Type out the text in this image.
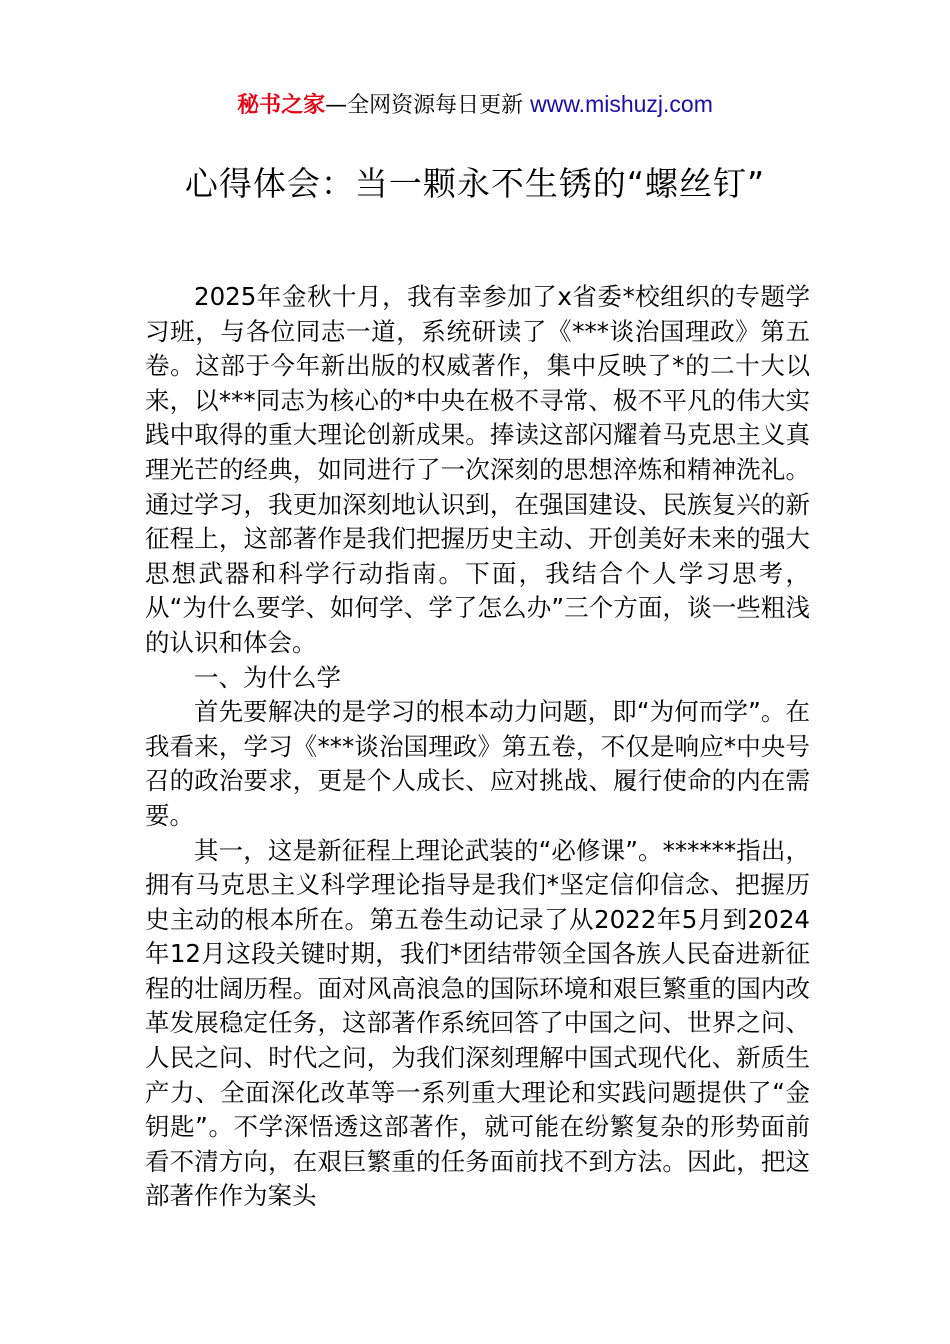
秘书之家—全网资源每日更新 www.mishuzj.com
心得体会：当一颗永不生锈的“螺丝钉”

2025年金秋十月，我有幸参加了x省委*校组织的专题学习班，与各位同志一道，系统研读了《***谈治国理政》第五卷。这部于今年新出版的权威著作，集中反映了*的二十大以来，以***同志为核心的*中央在极不寻常、极不平凡的伟大实践中取得的重大理论创新成果。捧读这部闪耀着马克思主义真理光芒的经典，如同进行了一次深刻的思想淬炼和精神洗礼。通过学习，我更加深刻地认识到，在强国建设、民族复兴的新征程上，这部著作是我们把握历史主动、开创美好未来的强大思想武器和科学行动指南。下面，我结合个人学习思考，从“为什么要学、如何学、学了怎么办”三个方面，谈一些粗浅的认识和体会。

一、为什么学

首先要解决的是学习的根本动力问题，即“为何而学”。在我看来，学习《***谈治国理政》第五卷，不仅是响应*中央号召的政治要求，更是个人成长、应对挑战、履行使命的内在需要。

其一，这是新征程上理论武装的“必修课”。******指出，拥有马克思主义科学理论指导是我们*坚定信仰信念、把握历史主动的根本所在。第五卷生动记录了从2022年5月到2024年12月这段关键时期，我们*团结带领全国各族人民奋进新征程的壮阔历程。面对风高浪急的国际环境和艰巨繁重的国内改革发展稳定任务，这部著作系统回答了中国之问、世界之问、人民之问、时代之问，为我们深刻理解中国式现代化、新质生产力、全面深化改革等一系列重大理论和实践问题提供了“金钥匙”。不学深悟透这部著作，就可能在纷繁复杂的形势面前看不清方向，在艰巨繁重的任务面前找不到方法。因此，把这部著作作为案头
